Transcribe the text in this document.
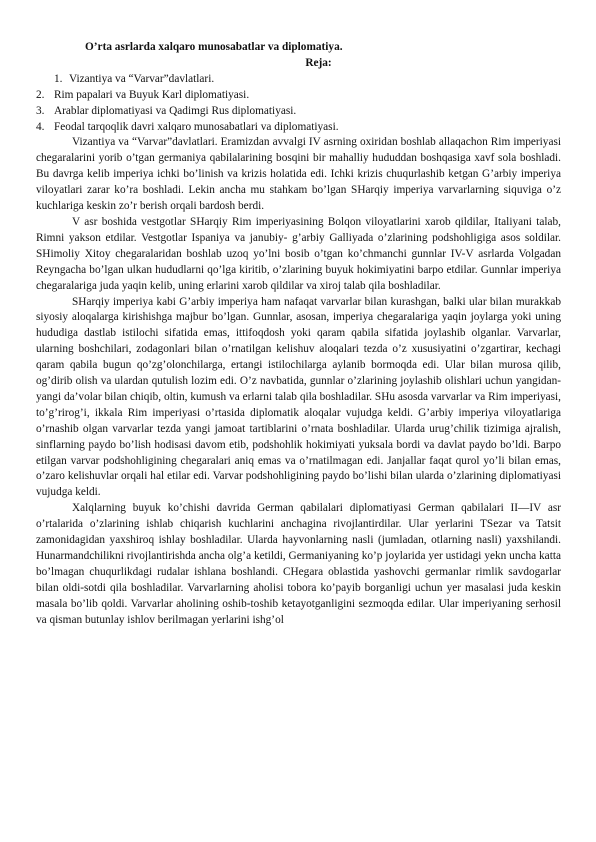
O’rta asrlarda xalqaro munosabatlar va diplomatiya.

Reja:

1. Vizantiya va “Varvar”davlatlari.
2. Rim papalari va Buyuk Karl diplomatiyasi.
3. Arablar diplomatiyasi va Qadimgi Rus diplomatiyasi.
4. Feodal tarqoqlik davri xalqaro munosabatlari va diplomatiyasi.

Vizantiya va “Varvar”davlatlari. Eramizdan avvalgi IV asrning oxiridan boshlab allaqachon Rim imperiyasi chegaralarini yorib o’tgan germaniya qabilalarining bosqini bir mahalliy hududdan boshqasiga xavf sola boshladi. Bu davrga kelib imperiya ichki bo’linish va krizis holatida edi. Ichki krizis chuqurlashib ketgan G’arbiy imperiya viloyatlari zarar ko’ra boshladi. Lekin ancha mu stahkam bo’lgan SHarqiy imperiya varvarlarning siquviga o’z kuchlariga keskin zo’r berish orqali bardosh berdi.

V asr boshida vestgotlar SHarqiy Rim imperiyasining Bolqon viloyatlarini xarob qildilar, Italiyani talab, Rimni yakson etdilar. Vestgotlar Ispaniya va janubiy- g’arbiy Galliyada o’zlarining podshohligiga asos soldilar. SHimoliy Xitoy chegaralaridan boshlab uzoq yo’lni bosib o’tgan ko’chmanchi gunnlar IV-V asrlarda Volgadan Reyngacha bo’lgan ulkan hududlarni qo’lga kiritib, o’zlarining buyuk hokimiyatini barpo etdilar. Gunnlar imperiya chegaralariga juda yaqin kelib, uning erlarini xarob qildilar va xiroj talab qila boshladilar.

SHarqiy imperiya kabi G’arbiy imperiya ham nafaqat varvarlar bilan kurashgan, balki ular bilan murakkab siyosiy aloqalarga kirishishga majbur bo’lgan. Gunnlar, asosan, imperiya chegaralariga yaqin joylarga yoki uning hududiga dastlab istilochi sifatida emas, ittifoqdosh yoki qaram qabila sifatida joylashib olganlar. Varvarlar, ularning boshchilari, zodagonlari bilan o’rnatilgan kelishuv aloqalari tezda o’z xususiyatini o’zgartirar, kechagi qaram qabila bugun qo’zg’olonchilarga, ertangi istilochilarga aylanib bormoqda edi. Ular bilan murosa qilib, og’dirib olish va ulardan qutulish lozim edi. O’z navbatida, gunnlar o’zlarining joylashib olishlari uchun yangidan-yangi da’volar bilan chiqib, oltin, kumush va erlarni talab qila boshladilar. SHu asosda varvarlar va Rim imperiyasi, to’g’rirog’i, ikkala Rim imperiyasi o’rtasida diplomatik aloqalar vujudga keldi. G’arbiy imperiya viloyatlariga o’rnashib olgan varvarlar tezda yangi jamoat tartiblarini o’rnata boshladilar. Ularda urug’chilik tizimiga ajralish, sinflarning paydo bo’lish hodisasi davom etib, podshohlik hokimiyati yuksala bordi va davlat paydo bo’ldi. Barpo etilgan varvar podshohligining chegaralari aniq emas va o’rnatilmagan edi. Janjallar faqat qurol yo’li bilan emas, o’zaro kelishuvlar orqali hal etilar edi. Varvar podshohligining paydo bo’lishi bilan ularda o’zlarining diplomatiyasi vujudga keldi.

Xalqlarning buyuk ko’chishi davrida German qabilalari diplomatiyasi German qabilalari II—IV asr o’rtalarida o’zlarining ishlab chiqarish kuchlarini anchagina rivojlantirdilar. Ular yerlarini TSezar va Tatsit zamonidagidan yaxshiroq ishlay boshladilar. Ularda hayvonlarning nasli (jumladan, otlarning nasli) yaxshilandi. Hunarmandchilikni rivojlantirishda ancha olg’a ketildi, Germaniyaning ko’p joylarida yer ustidagi yekn uncha katta bo’lmagan chuqurlikdagi rudalar ishlana boshlandi. CHegara oblastida yashovchi germanlar rimlik savdogarlar bilan oldi-sotdi qila boshladilar. Varvarlarning aholisi tobora ko’payib borganligi uchun yer masalasi juda keskin masala bo’lib qoldi. Varvarlar aholining oshib-toshib ketayotganligini sezmoqda edilar. Ular imperiyaning serhosil va qisman butunlay ishlov berilmagan yerlarini ishg’ol
